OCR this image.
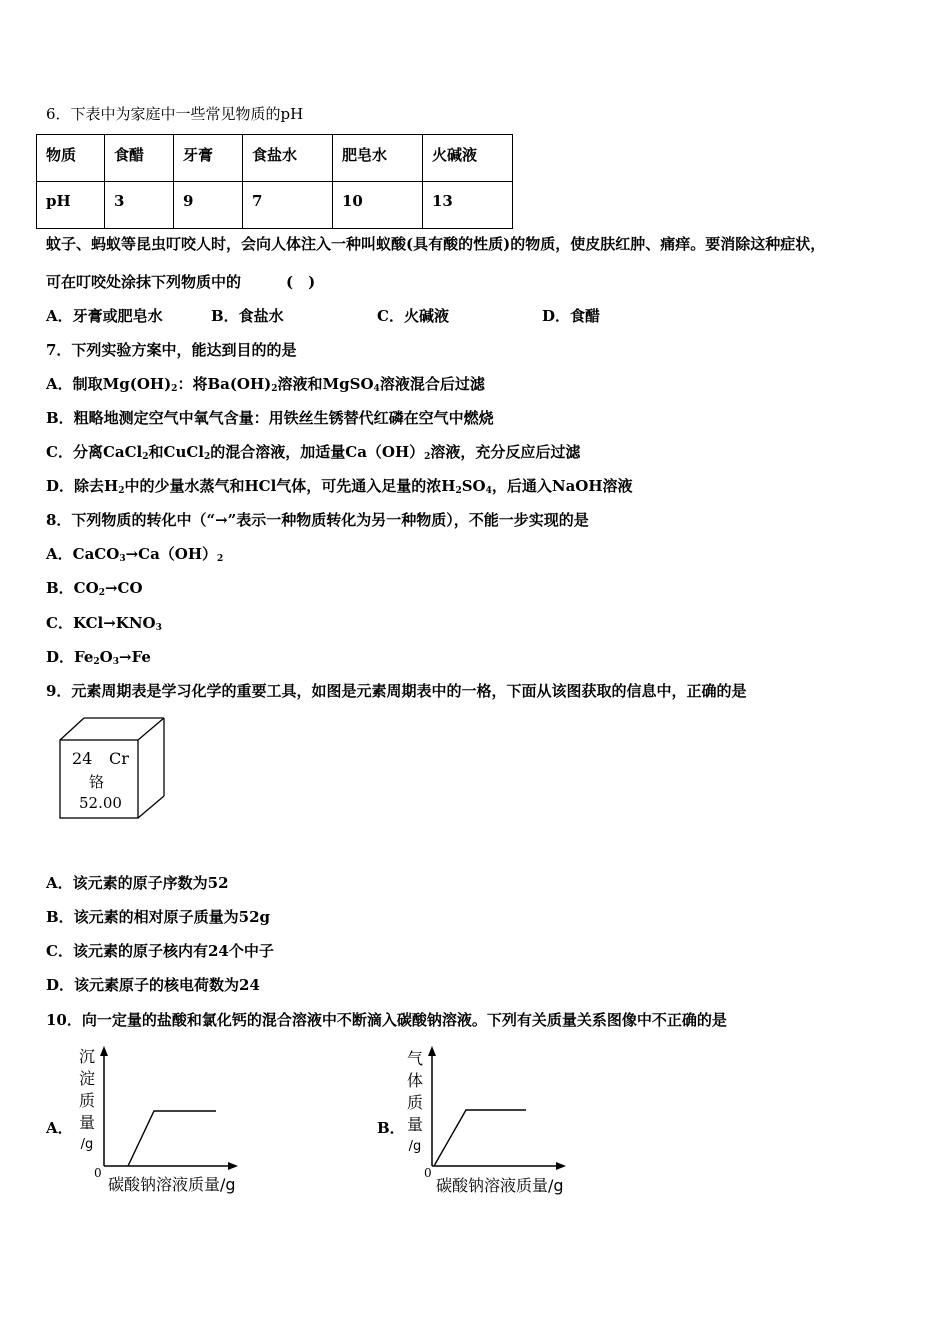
6．下表中为家庭中一些常见物质的pH
物质	食醋	牙膏	食盐水	肥皂水	火碱液
pH	3	9	7	10	13
蚊子、蚂蚁等昆虫叮咬人时，会向人体注入一种叫蚁酸(具有酸的性质)的物质，使皮肤红肿、痛痒。要消除这种症状，
可在叮咬处涂抹下列物质中的　　　(　)
A．牙膏或肥皂水	B．食盐水	C．火碱液	D．食醋
7．下列实验方案中，能达到目的的是
A．制取$Mg(OH)_2$：将$Ba(OH)_2$溶液和MgSO$_4$溶液混合后过滤
B．粗略地测定空气中氧气含量：用铁丝生锈替代红磷在空气中燃烧
C．分离CaCl$_2$和CuCl$_2$的混合溶液，加适量$Ca(OH)_2$溶液，充分反应后过滤
D．除去$H_2$中的少量水蒸气和HCl气体，可先通入足量的浓$H_2SO_4$，后通入NaOH溶液
8．下列物质的转化中（“→”表示一种物质转化为另一种物质），不能一步实现的是
A．$CaCO_3\to Ca(OH)_2$
B．$CO_2\to CO$
C．$KCl\to KNO_3$
D．$Fe_2O_3\to Fe$
9．元素周期表是学习化学的重要工具，如图是元素周期表中的一格，下面从该图获取的信息中，正确的是
24 Cr
铬
52.00
A．该元素的原子序数为52
B．该元素的相对原子质量为52g
C．该元素的原子核内有24个中子
D．该元素原子的核电荷数为24
10．向一定量的盐酸和氯化钙的混合溶液中不断滴入碳酸钠溶液。下列有关质量关系图像中不正确的是
A．
沉
淀
质
量
/g
0
碳酸钠溶液质量/g
B．
气
体
质
量
/g
0
碳酸钠溶液质量/g
